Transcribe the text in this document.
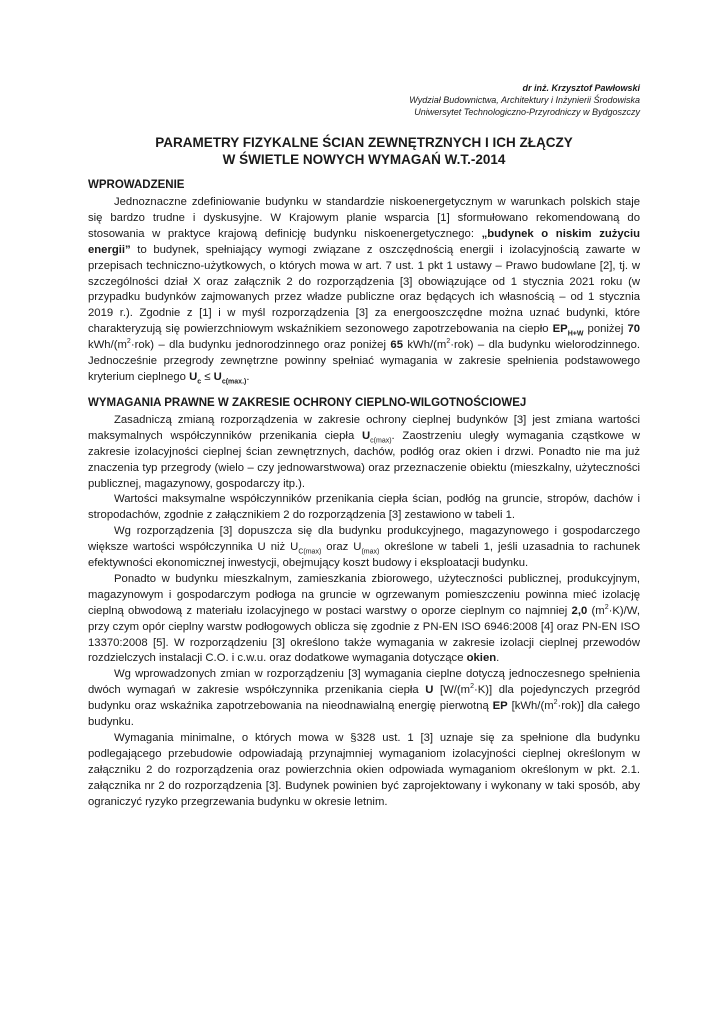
dr inż. Krzysztof Pawłowski
Wydział Budownictwa, Architektury i Inżynierii Środowiska
Uniwersytet Technologiczno-Przyrodniczy w Bydgoszczy
PARAMETRY FIZYKALNE ŚCIAN ZEWNĘTRZNYCH I ICH ZŁĄCZY
W ŚWIETLE NOWYCH WYMAGAŃ W.T.-2014
WPROWADZENIE

Jednoznaczne zdefiniowanie budynku w standardzie niskoenergetycznym w warunkach polskich staje się bardzo trudne i dyskusyjne. W Krajowym planie wsparcia [1] sformułowano rekomendowaną do stosowania w praktyce krajową definicję budynku niskoenergetycznego: „budynek o niskim zużyciu energii” to budynek, spełniający wymogi związane z oszczędnością energii i izolacyjnością zawarte w przepisach techniczno-użytkowych, o których mowa w art. 7 ust. 1 pkt 1 ustawy – Prawo budowlane [2], tj. w szczególności dział X oraz załącznik 2 do rozporządzenia [3] obowiązujące od 1 stycznia 2021 roku (w przypadku budynków zajmowanych przez władze publiczne oraz będących ich własnością – od 1 stycznia 2019 r.). Zgodnie z [1] i w myśl rozporządzenia [3] za energooszczędne można uznać budynki, które charakteryzują się powierzchniowym wskaźnikiem sezonowego zapotrzebowania na ciepło $EP_{H+W}$ poniżej 70 kWh/$(m^2\cdot rok)$ – dla budynku jednorodzinnego oraz poniżej 65 kWh/$(m^2\cdot rok)$ – dla budynku wielorodzinnego. Jednocześnie przegrody zewnętrzne powinny spełniać wymagania w zakresie spełnienia podstawowego kryterium cieplnego $U_c \le U_{c(max.)}$.

WYMAGANIA PRAWNE W ZAKRESIE OCHRONY CIEPLNO-WILGOTNOŚCIOWEJ

Zasadniczą zmianą rozporządzenia w zakresie ochrony cieplnej budynków [3] jest zmiana wartości maksymalnych współczynników przenikania ciepła $U_{c(max)}$. Zaostrzeniu uległy wymagania cząstkowe w zakresie izolacyjności cieplnej ścian zewnętrznych, dachów, podłóg oraz okien i drzwi. Ponadto nie ma już znaczenia typ przegrody (wielo – czy jednowarstwowa) oraz przeznaczenie obiektu (mieszkalny, użyteczności publicznej, magazynowy, gospodarczy itp.).

Wartości maksymalne współczynników przenikania ciepła ścian, podłóg na gruncie, stropów, dachów i stropodachów, zgodnie z załącznikiem 2 do rozporządzenia [3] zestawiono w tabeli 1.

Wg rozporządzenia [3] dopuszcza się dla budynku produkcyjnego, magazynowego i gospodarczego większe wartości współczynnika U niż $U_{C(max)}$ oraz $U_{(max)}$ określone w tabeli 1, jeśli uzasadnia to rachunek efektywności ekonomicznej inwestycji, obejmujący koszt budowy i eksploatacji budynku.

Ponadto w budynku mieszkalnym, zamieszkania zbiorowego, użyteczności publicznej, produkcyjnym, magazynowym i gospodarczym podłoga na gruncie w ogrzewanym pomieszczeniu powinna mieć izolację cieplną obwodową z materiału izolacyjnego w postaci warstwy o oporze cieplnym co najmniej 2,0 $(m^2\cdot K)/W$, przy czym opór cieplny warstw podłogowych oblicza się zgodnie z PN-EN ISO 6946:2008 [4] oraz PN-EN ISO 13370:2008 [5]. W rozporządzeniu [3] określono także wymagania w zakresie izolacji cieplnej przewodów rozdzielczych instalacji C.O. i c.w.u. oraz dodatkowe wymagania dotyczące okien.

Wg wprowadzonych zmian w rozporządzeniu [3] wymagania cieplne dotyczą jednoczesnego spełnienia dwóch wymagań w zakresie współczynnika przenikania ciepła U $[W/(m^2\cdot K)]$ dla pojedynczych przegród budynku oraz wskaźnika zapotrzebowania na nieodnawialną energię pierwotną EP $[kWh/(m^2\cdot rok)]$ dla całego budynku.

Wymagania minimalne, o których mowa w §328 ust. 1 [3] uznaje się za spełnione dla budynku podlegającego przebudowie odpowiadają przynajmniej wymaganiom izolacyjności cieplnej określonym w załączniku 2 do rozporządzenia oraz powierzchnia okien odpowiada wymaganiom określonym w pkt. 2.1. załącznika nr 2 do rozporządzenia [3]. Budynek powinien być zaprojektowany i wykonany w taki sposób, aby ograniczyć ryzyko przegrzewania budynku w okresie letnim.
